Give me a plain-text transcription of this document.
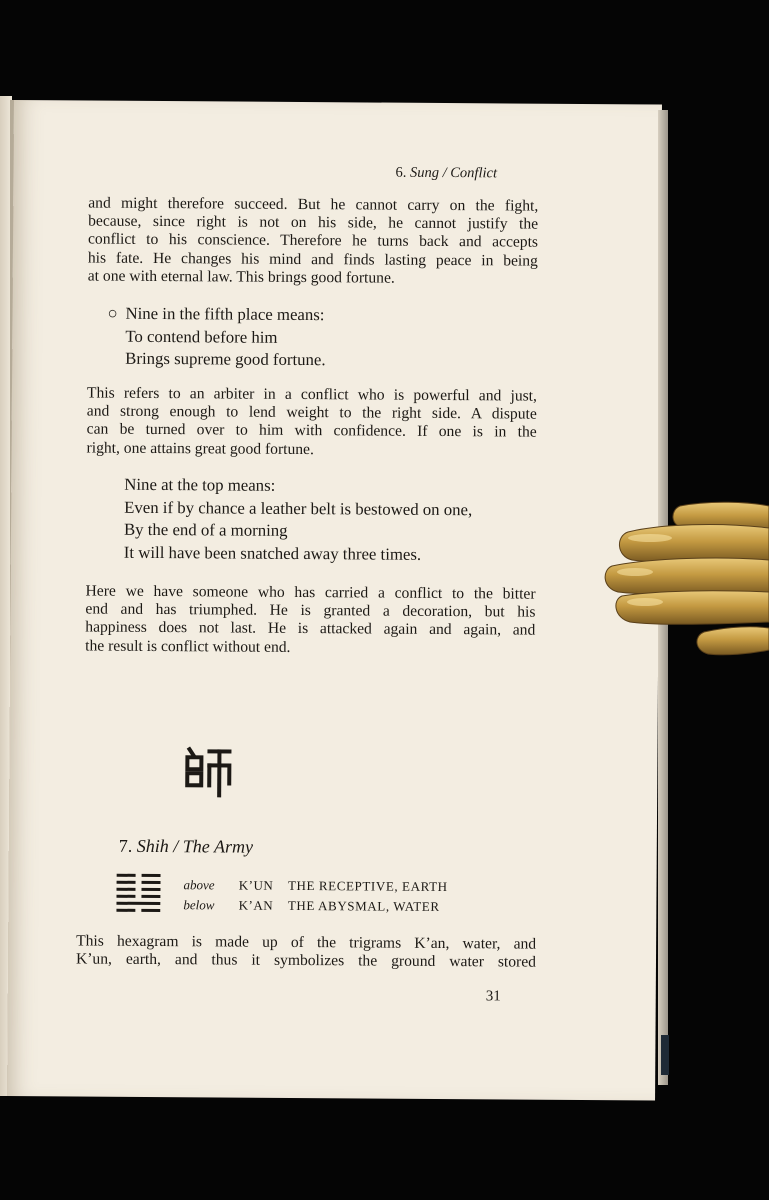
6. Sung / Conflict

and might therefore succeed. But he cannot carry on the fight,
because, since right is not on his side, he cannot justify the
conflict to his conscience. Therefore he turns back and accepts
his fate. He changes his mind and finds lasting peace in being
at one with eternal law. This brings good fortune.

○ Nine in the fifth place means:
To contend before him
Brings supreme good fortune.

This refers to an arbiter in a conflict who is powerful and just,
and strong enough to lend weight to the right side. A dispute
can be turned over to him with confidence. If one is in the
right, one attains great good fortune.

Nine at the top means:
Even if by chance a leather belt is bestowed on one,
By the end of a morning
It will have been snatched away three times.

Here we have someone who has carried a conflict to the bitter
end and has triumphed. He is granted a decoration, but his
happiness does not last. He is attacked again and again, and
the result is conflict without end.

7. Shih / The Army
above K’UN THE RECEPTIVE, EARTH
below K’AN THE ABYSMAL, WATER

This hexagram is made up of the trigrams K’an, water, and
K’un, earth, and thus it symbolizes the ground water stored

31
